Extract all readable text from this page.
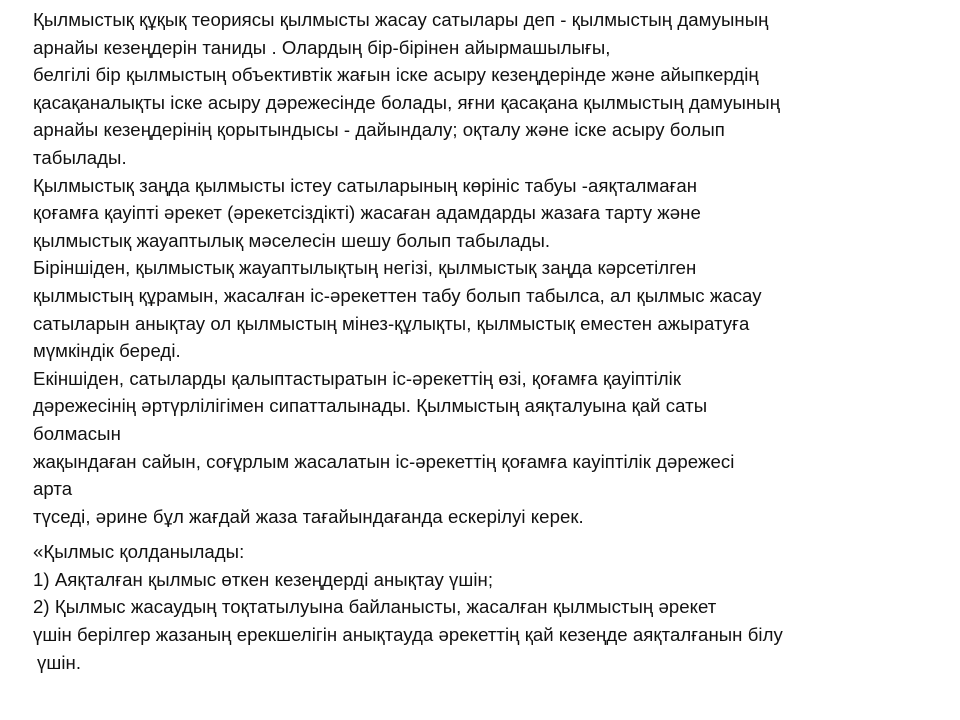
Қылмыстық құқық теориясы қылмысты жасау сатылары деп - қылмыстың дамуының
арнайы кезеңдерін таниды . Олардың бір-бірінен айырмашылығы,
белгілі бір қылмыстың объективтік жағын іске асыру кезеңдерінде және айыпкердің
қасақаналықты іске асыру дәрежесінде болады, яғни қасақана қылмыстың дамуының
арнайы кезеңдерінің қорытындысы - дайындалу; оқталу және іске асыру болып
табылады.
Қылмыстық заңда қылмысты істеу сатыларының көрініс табуы -аяқталмаған
қоғамға қауіпті әрекет (әрекетсіздікті) жасаған адамдарды жазаға тарту және
қылмыстық жауаптылық мәселесін шешу болып табылады.
Біріншіден, қылмыстық жауаптылықтың негізі, қылмыстық заңда кәрсетілген
қылмыстың құрамын, жасалған іс-әрекеттен табу болып табылса, ал қылмыс жасау
сатыларын анықтау ол қылмыстың мінез-құлықты, қылмыстық еместен ажыратуға
мүмкіндік береді.
Екіншіден, сатыларды қалыптастыратын іс-әрекеттің өзі, қоғамға қауіптілік
дәрежесінің әртүрлілігімен сипатталынады. Қылмыстың аяқталуына қай саты
болмасын
жақындаған сайын, соғұрлым жасалатын іс-әрекеттің қоғамға кауіптілік дәрежесі
арта
түседі, әрине бұл жағдай жаза тағайындағанда ескерілуі керек.
«Қылмыс қолданылады:
1) Аяқталған қылмыс өткен кезеңдерді анықтау үшін;
2) Қылмыс жасаудың тоқтатылуына байланысты, жасалған қылмыстың әрекет
үшін берілгер жазаның ерекшелігін анықтауда әрекеттің қай кезеңде аяқталғанын білу
үшін.
